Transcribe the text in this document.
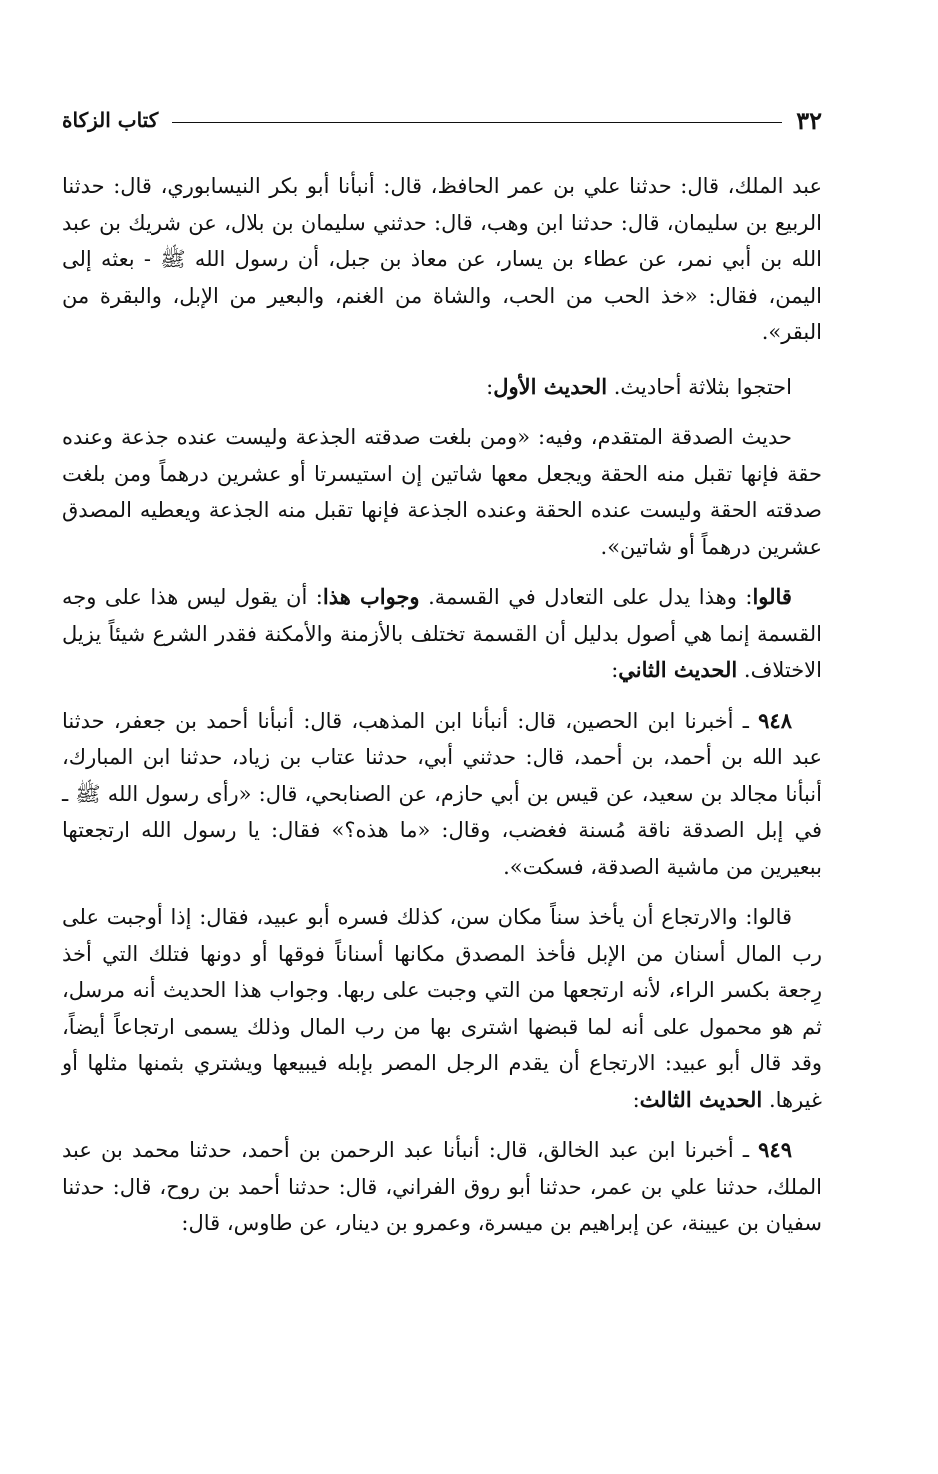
٣٢
كتاب الزكاة

عبد الملك، قال: حدثنا علي بن عمر الحافظ، قال: أنبأنا أبو بكر النيسابوري، قال: حدثنا الربيع بن سليمان، قال: حدثنا ابن وهب، قال: حدثني سليمان بن بلال، عن شريك بن عبد الله بن أبي نمر، عن عطاء بن يسار، عن معاذ بن جبل، أن رسول الله ﷺ - بعثه إلى اليمن، فقال: «خذ الحب من الحب، والشاة من الغنم، والبعير من الإبل، والبقرة من البقر».

احتجوا بثلاثة أحاديث. الحديث الأول:

حديث الصدقة المتقدم، وفيه: «ومن بلغت صدقته الجذعة وليست عنده جذعة وعنده حقة فإنها تقبل منه الحقة ويجعل معها شاتين إن استيسرتا أو عشرين درهماً ومن بلغت صدقته الحقة وليست عنده الحقة وعنده الجذعة فإنها تقبل منه الجذعة ويعطيه المصدق عشرين درهماً أو شاتين».

قالوا: وهذا يدل على التعادل في القسمة. وجواب هذا: أن يقول ليس هذا على وجه القسمة إنما هي أصول بدليل أن القسمة تختلف بالأزمنة والأمكنة فقدر الشرع شيئاً يزيل الاختلاف. الحديث الثاني:

٩٤٨ ـ أخبرنا ابن الحصين، قال: أنبأنا ابن المذهب، قال: أنبأنا أحمد بن جعفر، حدثنا عبد الله بن أحمد، بن أحمد، قال: حدثني أبي، حدثنا عتاب بن زياد، حدثنا ابن المبارك، أنبأنا مجالد بن سعيد، عن قيس بن أبي حازم، عن الصنابحي، قال: «رأى رسول الله ﷺ ـ في إبل الصدقة ناقة مُسنة فغضب، وقال: «ما هذه؟» فقال: يا رسول الله ارتجعتها ببعيرين من ماشية الصدقة، فسكت».

قالوا: والارتجاع أن يأخذ سناً مكان سن، كذلك فسره أبو عبيد، فقال: إذا أوجبت على رب المال أسنان من الإبل فأخذ المصدق مكانها أسناناً فوقها أو دونها فتلك التي أخذ رِجعة بكسر الراء، لأنه ارتجعها من التي وجبت على ربها. وجواب هذا الحديث أنه مرسل، ثم هو محمول على أنه لما قبضها اشترى بها من رب المال وذلك يسمى ارتجاعاً أيضاً، وقد قال أبو عبيد: الارتجاع أن يقدم الرجل المصر بإبله فيبيعها ويشتري بثمنها مثلها أو غيرها. الحديث الثالث:

٩٤٩ ـ أخبرنا ابن عبد الخالق، قال: أنبأنا عبد الرحمن بن أحمد، حدثنا محمد بن عبد الملك، حدثنا علي بن عمر، حدثنا أبو روق الفراني، قال: حدثنا أحمد بن روح، قال: حدثنا سفيان بن عيينة، عن إبراهيم بن ميسرة، وعمرو بن دينار، عن طاوس، قال:
